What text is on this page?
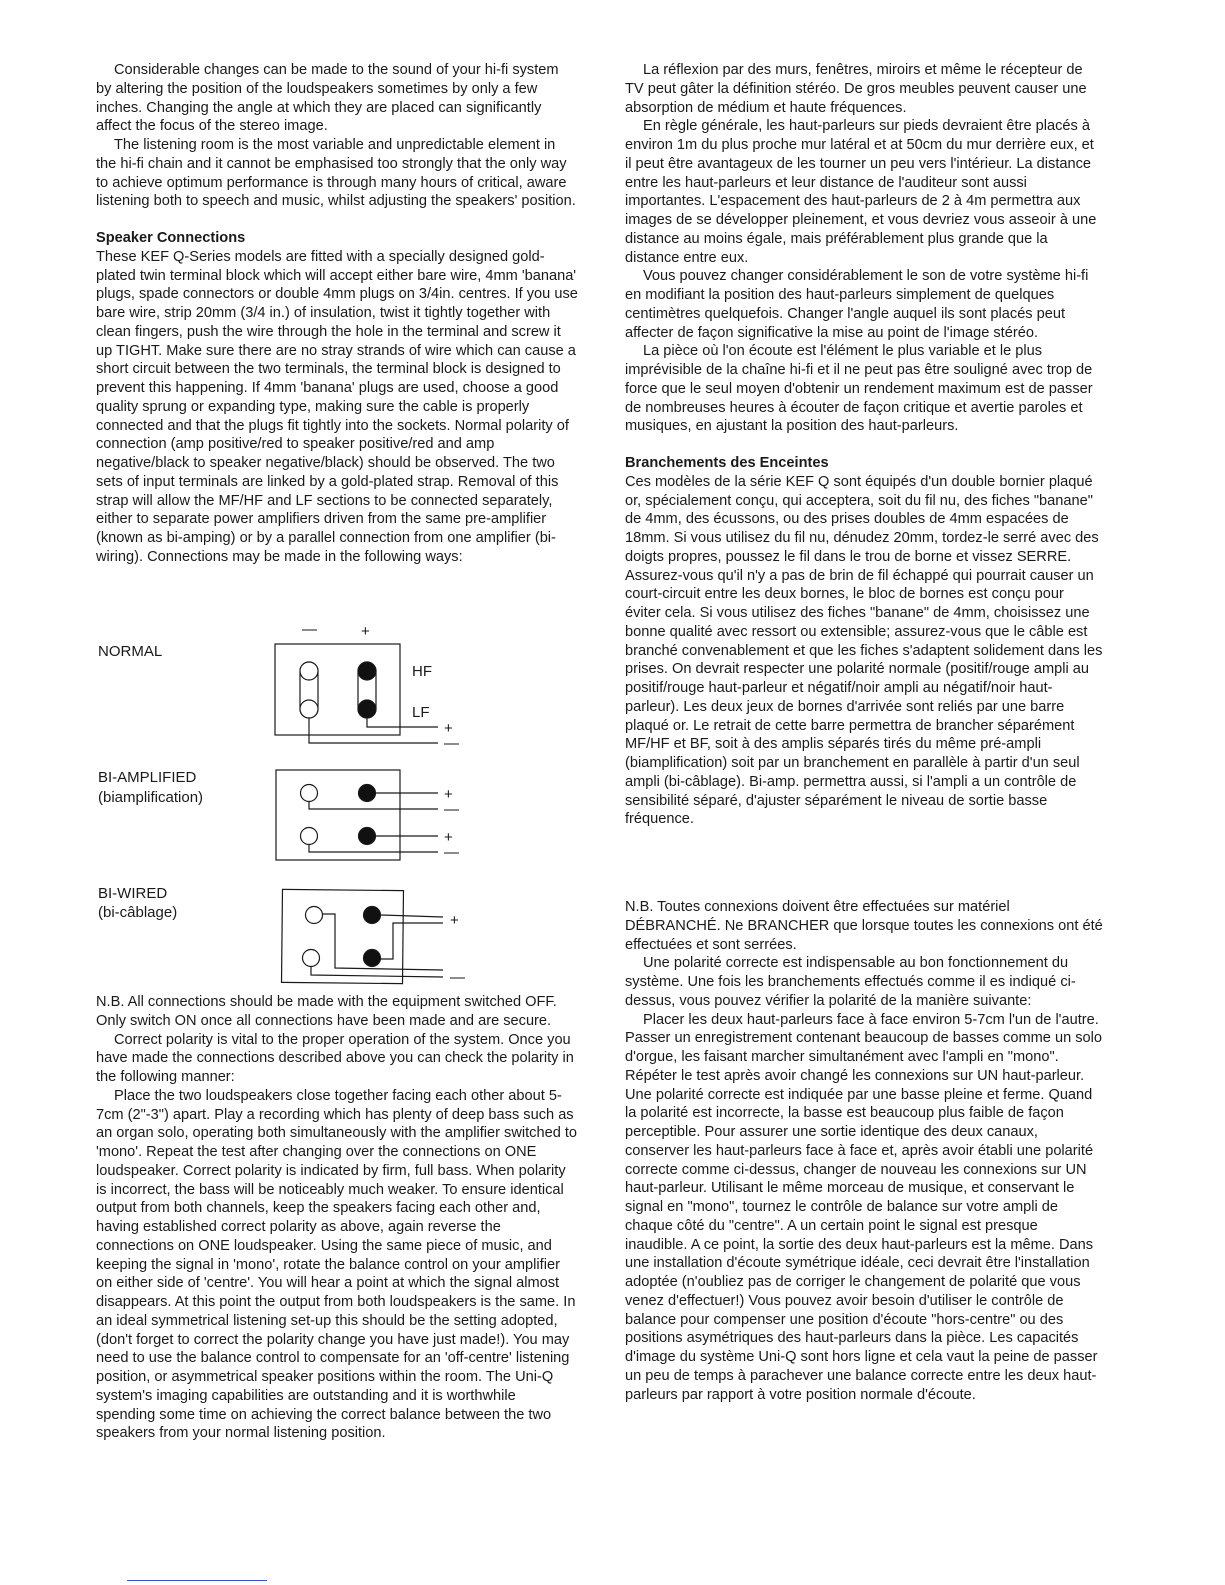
Considerable changes can be made to the sound of your hi-fi system by altering the position of the loudspeakers sometimes by only a few inches. Changing the angle at which they are placed can significantly affect the focus of the stereo image.

The listening room is the most variable and unpredictable element in the hi-fi chain and it cannot be emphasised too strongly that the only way to achieve optimum performance is through many hours of critical, aware listening both to speech and music, whilst adjusting the speakers' position.

Speaker Connections

These KEF Q-Series models are fitted with a specially designed gold-plated twin terminal block which will accept either bare wire, 4mm 'banana' plugs, spade connectors or double 4mm plugs on 3/4in. centres. If you use bare wire, strip 20mm (3/4 in.) of insulation, twist it tightly together with clean fingers, push the wire through the hole in the terminal and screw it up TIGHT. Make sure there are no stray strands of wire which can cause a short circuit between the two terminals, the terminal block is designed to prevent this happening. If 4mm 'banana' plugs are used, choose a good quality sprung or expanding type, making sure the cable is properly connected and that the plugs fit tightly into the sockets. Normal polarity of connection (amp positive/red to speaker positive/red and amp negative/black to speaker negative/black) should be observed. The two sets of input terminals are linked by a gold-plated strap. Removal of this strap will allow the MF/HF and LF sections to be connected separately, either to separate power amplifiers driven from the same pre-amplifier (known as bi-amping) or by a parallel connection from one amplifier (bi-wiring). Connections may be made in the following ways:

—	+
NORMAL
HF
LF
+
—
BI-AMPLIFIED
(biamplification)	+
—
+
—
BI-WIRED
(bi-câblage)	+
—

N.B. All connections should be made with the equipment switched OFF. Only switch ON once all connections have been made and are secure.

Correct polarity is vital to the proper operation of the system. Once you have made the connections described above you can check the polarity in the following manner:

Place the two loudspeakers close together facing each other about 5-7cm (2"-3") apart. Play a recording which has plenty of deep bass such as an organ solo, operating both simultaneously with the amplifier switched to 'mono'. Repeat the test after changing over the connections on ONE loudspeaker. Correct polarity is indicated by firm, full bass. When polarity is incorrect, the bass will be noticeably much weaker. To ensure identical output from both channels, keep the speakers facing each other and, having established correct polarity as above, again reverse the connections on ONE loudspeaker. Using the same piece of music, and keeping the signal in 'mono', rotate the balance control on your amplifier on either side of 'centre'. You will hear a point at which the signal almost disappears. At this point the output from both loudspeakers is the same. In an ideal symmetrical listening set-up this should be the setting adopted, (don't forget to correct the polarity change you have just made!). You may need to use the balance control to compensate for an 'off-centre' listening position, or asymmetrical speaker positions within the room. The Uni-Q system's imaging capabilities are outstanding and it is worthwhile spending some time on achieving the correct balance between the two speakers from your normal listening position.

La réflexion par des murs, fenêtres, miroirs et même le récepteur de TV peut gâter la définition stéréo. De gros meubles peuvent causer une absorption de médium et haute fréquences.

En règle générale, les haut-parleurs sur pieds devraient être placés à environ 1m du plus proche mur latéral et at 50cm du mur derrière eux, et il peut être avantageux de les tourner un peu vers l'intérieur. La distance entre les haut-parleurs et leur distance de l'auditeur sont aussi importantes. L'espacement des haut-parleurs de 2 à 4m permettra aux images de se développer pleinement, et vous devriez vous asseoir à une distance au moins égale, mais préférablement plus grande que la distance entre eux.

Vous pouvez changer considérablement le son de votre système hi-fi en modifiant la position des haut-parleurs simplement de quelques centimètres quelquefois. Changer l'angle auquel ils sont placés peut affecter de façon significative la mise au point de l'image stéréo.

La pièce où l'on écoute est l'élément le plus variable et le plus imprévisible de la chaîne hi-fi et il ne peut pas être souligné avec trop de force que le seul moyen d'obtenir un rendement maximum est de passer de nombreuses heures à écouter de façon critique et avertie paroles et musiques, en ajustant la position des haut-parleurs.

Branchements des Enceintes

Ces modèles de la série KEF Q sont équipés d'un double bornier plaqué or, spécialement conçu, qui acceptera, soit du fil nu, des fiches "banane" de 4mm, des écussons, ou des prises doubles de 4mm espacées de 18mm. Si vous utilisez du fil nu, dénudez 20mm, tordez-le serré avec des doigts propres, poussez le fil dans le trou de borne et vissez SERRE. Assurez-vous qu'il n'y a pas de brin de fil échappé qui pourrait causer un court-circuit entre les deux bornes, le bloc de bornes est conçu pour éviter cela. Si vous utilisez des fiches "banane" de 4mm, choisissez une bonne qualité avec ressort ou extensible; assurez-vous que le câble est branché convenablement et que les fiches s'adaptent solidement dans les prises. On devrait respecter une polarité normale (positif/rouge ampli au positif/rouge haut-parleur et négatif/noir ampli au négatif/noir haut-parleur). Les deux jeux de bornes d'arrivée sont reliés par une barre plaqué or. Le retrait de cette barre permettra de brancher séparément MF/HF et BF, soit à des amplis séparés tirés du même pré-ampli (biamplification) soit par un branchement en parallèle à partir d'un seul ampli (bi-câblage). Bi-amp. permettra aussi, si l'ampli a un contrôle de sensibilité séparé, d'ajuster séparément le niveau de sortie basse fréquence.

N.B. Toutes connexions doivent être effectuées sur matériel DÉBRANCHÉ. Ne BRANCHER que lorsque toutes les connexions ont été effectuées et sont serrées.

Une polarité correcte est indispensable au bon fonctionnement du système. Une fois les branchements effectués comme il es indiqué ci-dessus, vous pouvez vérifier la polarité de la manière suivante:

Placer les deux haut-parleurs face à face environ 5-7cm l'un de l'autre. Passer un enregistrement contenant beaucoup de basses comme un solo d'orgue, les faisant marcher simultanément avec l'ampli en "mono". Répéter le test après avoir changé les connexions sur UN haut-parleur. Une polarité correcte est indiquée par une basse pleine et ferme. Quand la polarité est incorrecte, la basse est beaucoup plus faible de façon perceptible. Pour assurer une sortie identique des deux canaux, conserver les haut-parleurs face à face et, après avoir établi une polarité correcte comme ci-dessus, changer de nouveau les connexions sur UN haut-parleur. Utilisant le même morceau de musique, et conservant le signal en "mono", tournez le contrôle de balance sur votre ampli de chaque côté du "centre". A un certain point le signal est presque inaudible. A ce point, la sortie des deux haut-parleurs est la même. Dans une installation d'écoute symétrique idéale, ceci devrait être l'installation adoptée (n'oubliez pas de corriger le changement de polarité que vous venez d'effectuer!) Vous pouvez avoir besoin d'utiliser le contrôle de balance pour compenser une position d'écoute "hors-centre" ou des positions asymétriques des haut-parleurs dans la pièce. Les capacités d'image du système Uni-Q sont hors ligne et cela vaut la peine de passer un peu de temps à parachever une balance correcte entre les deux haut-parleurs par rapport à votre position normale d'écoute.
